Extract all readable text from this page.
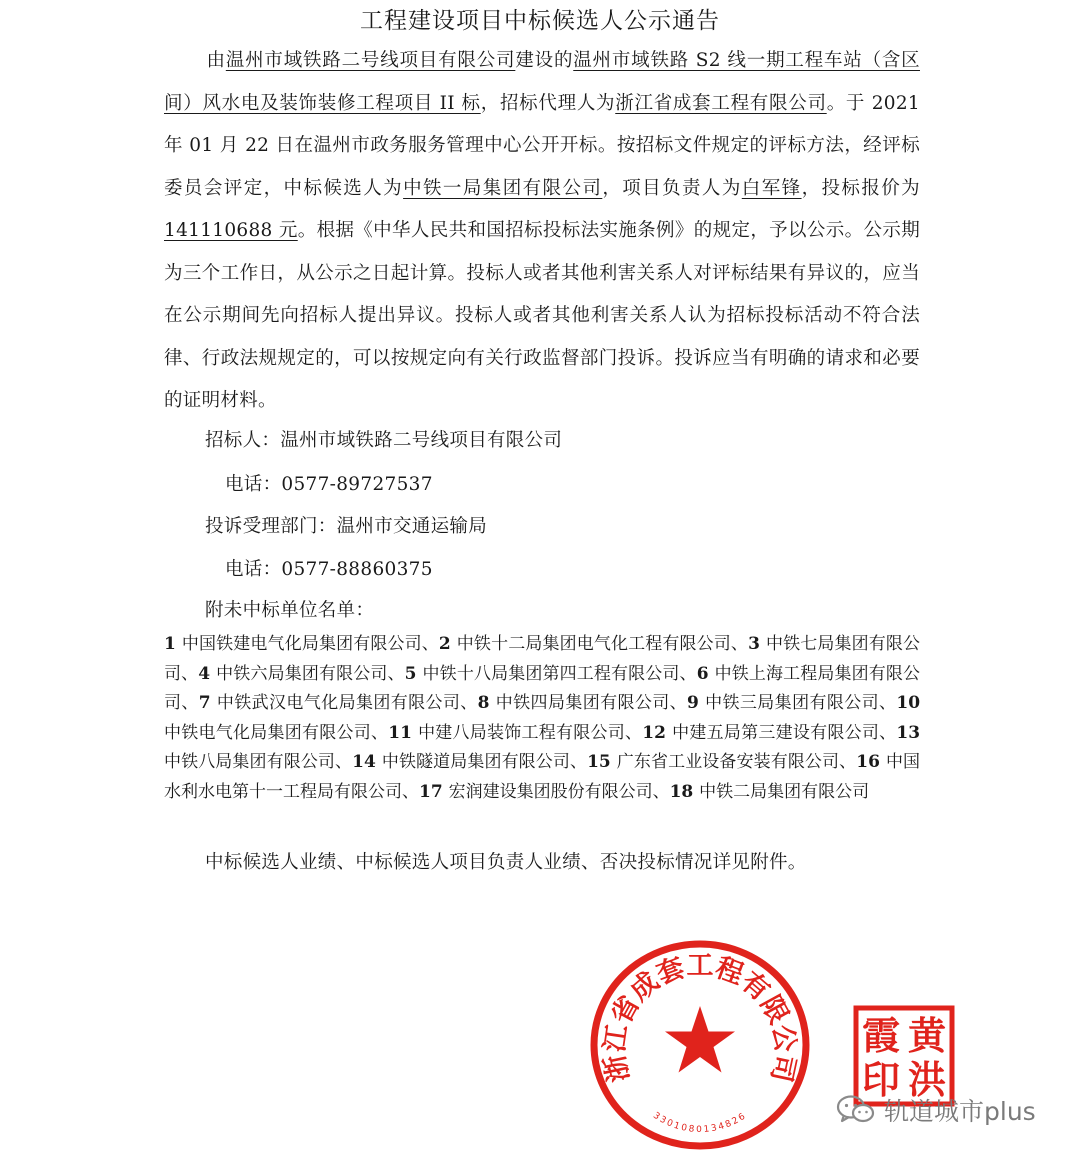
工程建设项目中标候选人公示通告
由温州市域铁路二号线项目有限公司建设的温州市域铁路 S2 线一期工程车站（含区间）风水电及装饰装修工程项目 II 标，招标代理人为浙江省成套工程有限公司。于 2021 年 01 月 22 日在温州市政务服务管理中心公开开标。按招标文件规定的评标方法，经评标委员会评定，中标候选人为中铁一局集团有限公司，项目负责人为白军锋，投标报价为 141110688 元。根据《中华人民共和国招标投标法实施条例》的规定，予以公示。公示期为三个工作日，从公示之日起计算。投标人或者其他利害关系人对评标结果有异议的，应当在公示期间先向招标人提出异议。投标人或者其他利害关系人认为招标投标活动不符合法律、行政法规规定的，可以按规定向有关行政监督部门投诉。投诉应当有明确的请求和必要的证明材料。
招标人：温州市域铁路二号线项目有限公司
电话：0577-89727537
投诉受理部门：温州市交通运输局
电话：0577-88860375
附未中标单位名单：
1 中国铁建电气化局集团有限公司、2 中铁十二局集团电气化工程有限公司、3 中铁七局集团有限公司、4 中铁六局集团有限公司、5 中铁十八局集团第四工程有限公司、6 中铁上海工程局集团有限公司、7 中铁武汉电气化局集团有限公司、8 中铁四局集团有限公司、9 中铁三局集团有限公司、10 中铁电气化局集团有限公司、11 中建八局装饰工程有限公司、12 中建五局第三建设有限公司、13 中铁八局集团有限公司、14 中铁隧道局集团有限公司、15 广东省工业设备安装有限公司、16 中国水利水电第十一工程局有限公司、17 宏润建设集团股份有限公司、18 中铁二局集团有限公司
中标候选人业绩、中标候选人项目负责人业绩、否决投标情况详见附件。
浙江省成套工程有限公司
3301080134826
黄
洪
霞
印
轨道城市plus
